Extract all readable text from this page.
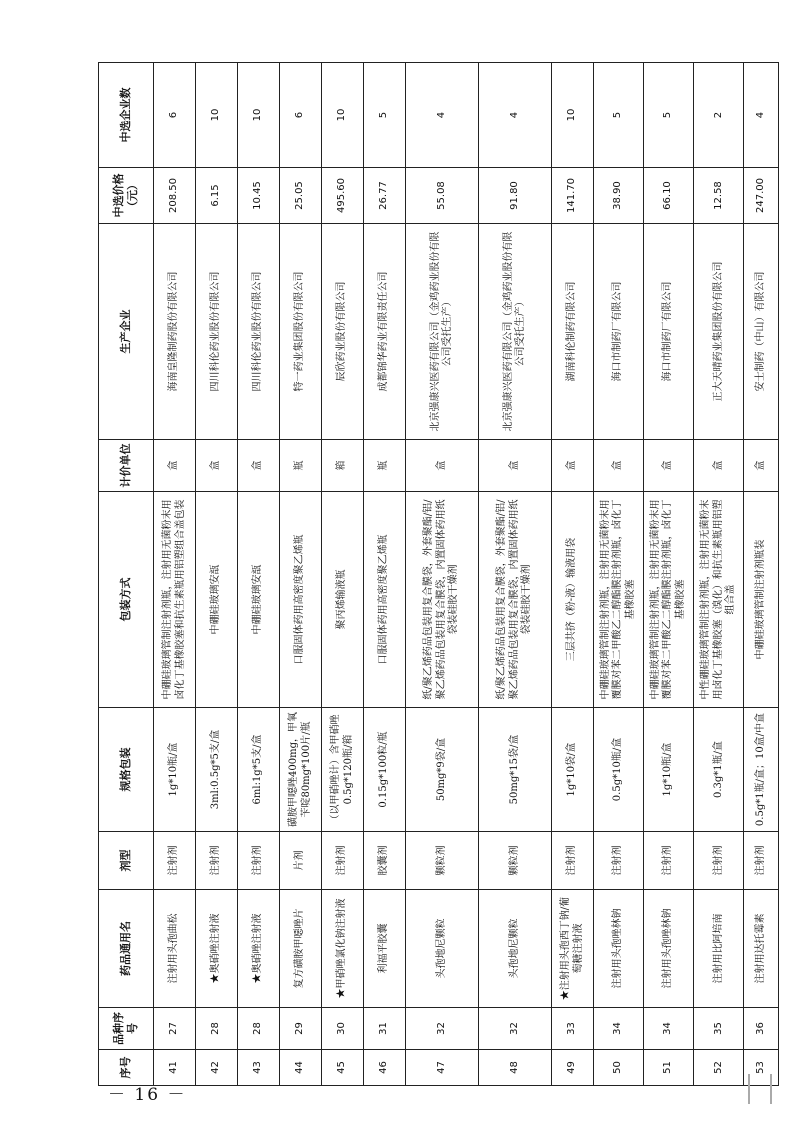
序号	品种序号	药品通用名	剂型	规格包装	包装方式	计价单位	生产企业	中选价格（元）	中选企业数
41	27	注射用头孢曲松	注射剂	1g*10瓶/盒	中硼硅玻璃管制注射剂瓶，注射用无菌粉末用卤化丁基橡胶塞和抗生素瓶用铝塑组合盖包装	盒	海南皇隆制药股份有限公司	208.50	6
42	28	★奥硝唑注射液	注射剂	3ml:0.5g*5支/盒	中硼硅玻璃安瓿	盒	四川科伦药业股份有限公司	6.15	10
43	28	★奥硝唑注射液	注射剂	6ml:1g*5支/盒	中硼硅玻璃安瓿	盒	四川科伦药业股份有限公司	10.45	10
44	29	复方磺胺甲噁唑片	片剂	磺胺甲噁唑400mg，甲氧苄啶80mg*100片/瓶	口服固体药用高密度聚乙烯瓶	瓶	特一药业集团股份有限公司	25.05	6
45	30	★甲硝唑氯化钠注射液	注射剂	（以甲硝唑计）含甲硝唑0.5g*120瓶/箱	聚丙烯输液瓶	箱	辰欣药业股份有限公司	495.60	10
46	31	利福平胶囊	胶囊剂	0.15g*100粒/瓶	口服固体药用高密度聚乙烯瓶	瓶	成都锦华药业有限责任公司	26.77	5
47	32	头孢地尼颗粒	颗粒剂	50mg*9袋/盒	纸/聚乙烯药品包装用复合膜袋，外套聚酯/铝/聚乙烯药品包装用复合膜袋，内置固体药用纸袋装硅胶干燥剂	盒	北京强康兴医药有限公司（金鸡药业股份有限公司受托生产）	55.08	4
48	32	头孢地尼颗粒	颗粒剂	50mg*15袋/盒	纸/聚乙烯药品包装用复合膜袋，外套聚酯/铝/聚乙烯药品包装用复合膜袋，内置固体药用纸袋装硅胶干燥剂	盒	北京强康兴医药有限公司（金鸡药业股份有限公司受托生产）	91.80	4
49	33	★注射用头孢西丁钠/葡萄糖注射液	注射剂	1g*10袋/盒	三层共挤（粉-液）输液用袋	盒	湖南科伦制药有限公司	141.70	10
50	34	注射用头孢唑林钠	注射剂	0.5g*10瓶/盒	中硼硅玻璃管制注射剂瓶，注射用无菌粉末用覆膜对苯二甲酸乙二醇酯膜注射剂瓶，卤化丁基橡胶塞	盒	海口市制药厂有限公司	38.90	5
51	34	注射用头孢唑林钠	注射剂	1g*10瓶/盒	中硼硅玻璃管制注射剂瓶，注射用无菌粉末用覆膜对苯二甲酸乙二醇酯膜注射剂瓶，卤化丁基橡胶塞	盒	海口市制药厂有限公司	66.10	5
52	35	注射用比阿培南	注射剂	0.3g*1瓶/盒	中性硼硅玻璃管制注射剂瓶，注射用无菌粉末用卤化丁基橡胶塞（溴化）和抗生素瓶用铝塑组合盖	盒	正大天晴药业集团股份有限公司	12.58	2
53	36	注射用达托霉素	注射剂	0.5g*1瓶/盒；10盒/中盒	中硼硅玻璃管制注射剂瓶装	盒	安士制药（中山）有限公司	247.00	4
－ 16 －
